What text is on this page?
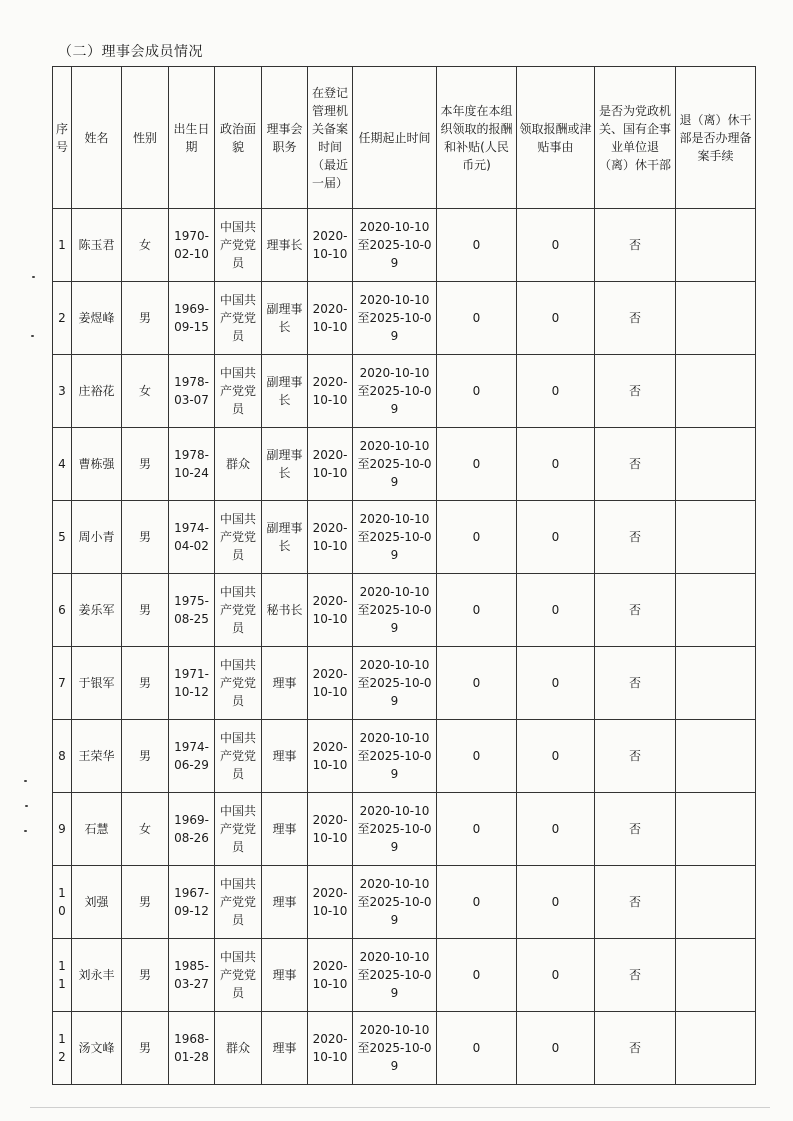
（二）理事会成员情况
序号	姓名	性别	出生日期	政治面貌	理事会职务	在登记管理机关备案时间（最近一届）	任期起止时间	本年度在本组织领取的报酬和补贴(人民币元)	领取报酬或津贴事由	是否为党政机关、国有企事业单位退（离）休干部	退（离）休干部是否办理备案手续
1	陈玉君	女	1970-02-10	中国共产党党员	理事长	2020-10-10	2020-10-10至2025-10-09	0	0	否	
2	姜煜峰	男	1969-09-15	中国共产党党员	副理事长	2020-10-10	2020-10-10至2025-10-09	0	0	否	
3	庄裕花	女	1978-03-07	中国共产党党员	副理事长	2020-10-10	2020-10-10至2025-10-09	0	0	否	
4	曹栋强	男	1978-10-24	群众	副理事长	2020-10-10	2020-10-10至2025-10-09	0	0	否	
5	周小青	男	1974-04-02	中国共产党党员	副理事长	2020-10-10	2020-10-10至2025-10-09	0	0	否	
6	姜乐军	男	1975-08-25	中国共产党党员	秘书长	2020-10-10	2020-10-10至2025-10-09	0	0	否	
7	于银军	男	1971-10-12	中国共产党党员	理事	2020-10-10	2020-10-10至2025-10-09	0	0	否	
8	王荣华	男	1974-06-29	中国共产党党员	理事	2020-10-10	2020-10-10至2025-10-09	0	0	否	
9	石慧	女	1969-08-26	中国共产党党员	理事	2020-10-10	2020-10-10至2025-10-09	0	0	否	
10	刘强	男	1967-09-12	中国共产党党员	理事	2020-10-10	2020-10-10至2025-10-09	0	0	否	
11	刘永丰	男	1985-03-27	中国共产党党员	理事	2020-10-10	2020-10-10至2025-10-09	0	0	否	
12	汤文峰	男	1968-01-28	群众	理事	2020-10-10	2020-10-10至2025-10-09	0	0	否	
